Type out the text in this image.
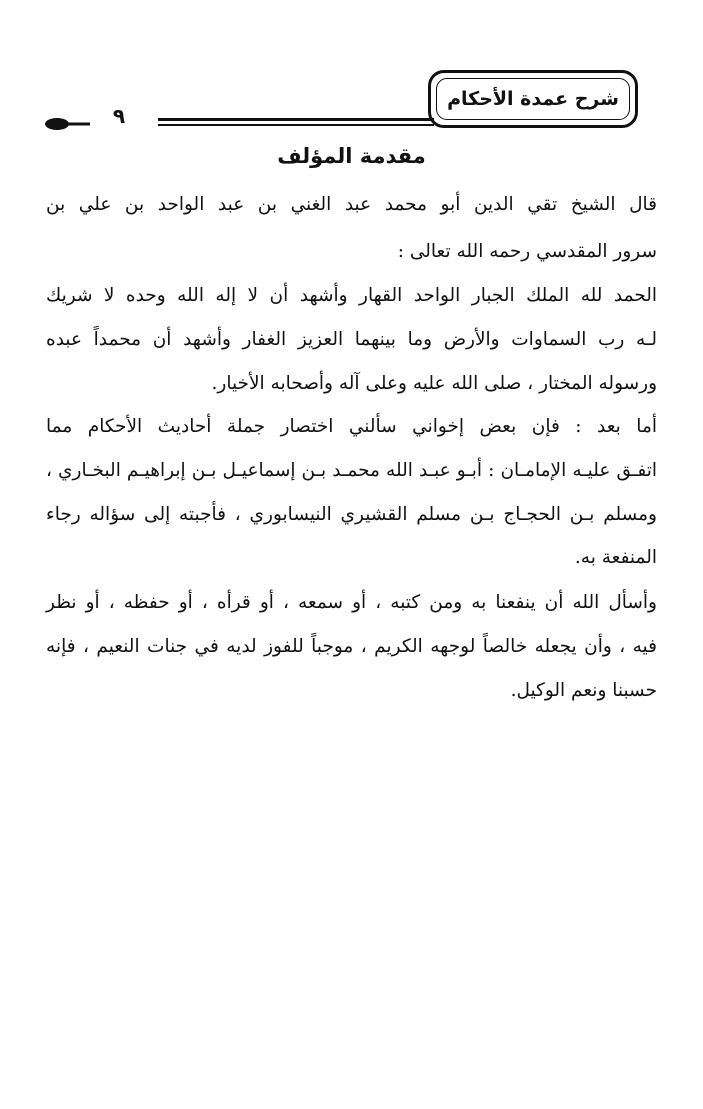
شرح عمدة الأحكام
٩
مقدمة المؤلف
قال الشيخ تقي الدين أبو محمد عبد الغني بن عبد الواحد بن علي بن
سرور المقدسي رحمه الله تعالى :
الحمد لله الملك الجبار الواحد القهار وأشهد أن لا إله الله وحده لا شريك
لـه رب السماوات والأرض وما بينهما العزيز الغفار وأشهد أن محمداً عبده
ورسوله المختار ، صلى الله عليه وعلى آله وأصحابه الأخيار.
أما بعد : فإن بعض إخواني سألني اختصار جملة أحاديث الأحكام مما
اتفـق عليـه الإمامـان : أبـو عبـد الله محمـد بـن إسماعيـل بـن إبراهيـم البخـاري ،
ومسلم بـن الحجـاج بـن مسلم القشيري النيسابوري ، فأجبته إلى سؤاله رجاء
المنفعة به.
وأسأل الله أن ينفعنا به ومن كتبه ، أو سمعه ، أو قرأه ، أو حفظه ، أو نظر
فيه ، وأن يجعله خالصاً لوجهه الكريم ، موجباً للفوز لديه في جنات النعيم ، فإنه
حسبنا ونعم الوكيل.
